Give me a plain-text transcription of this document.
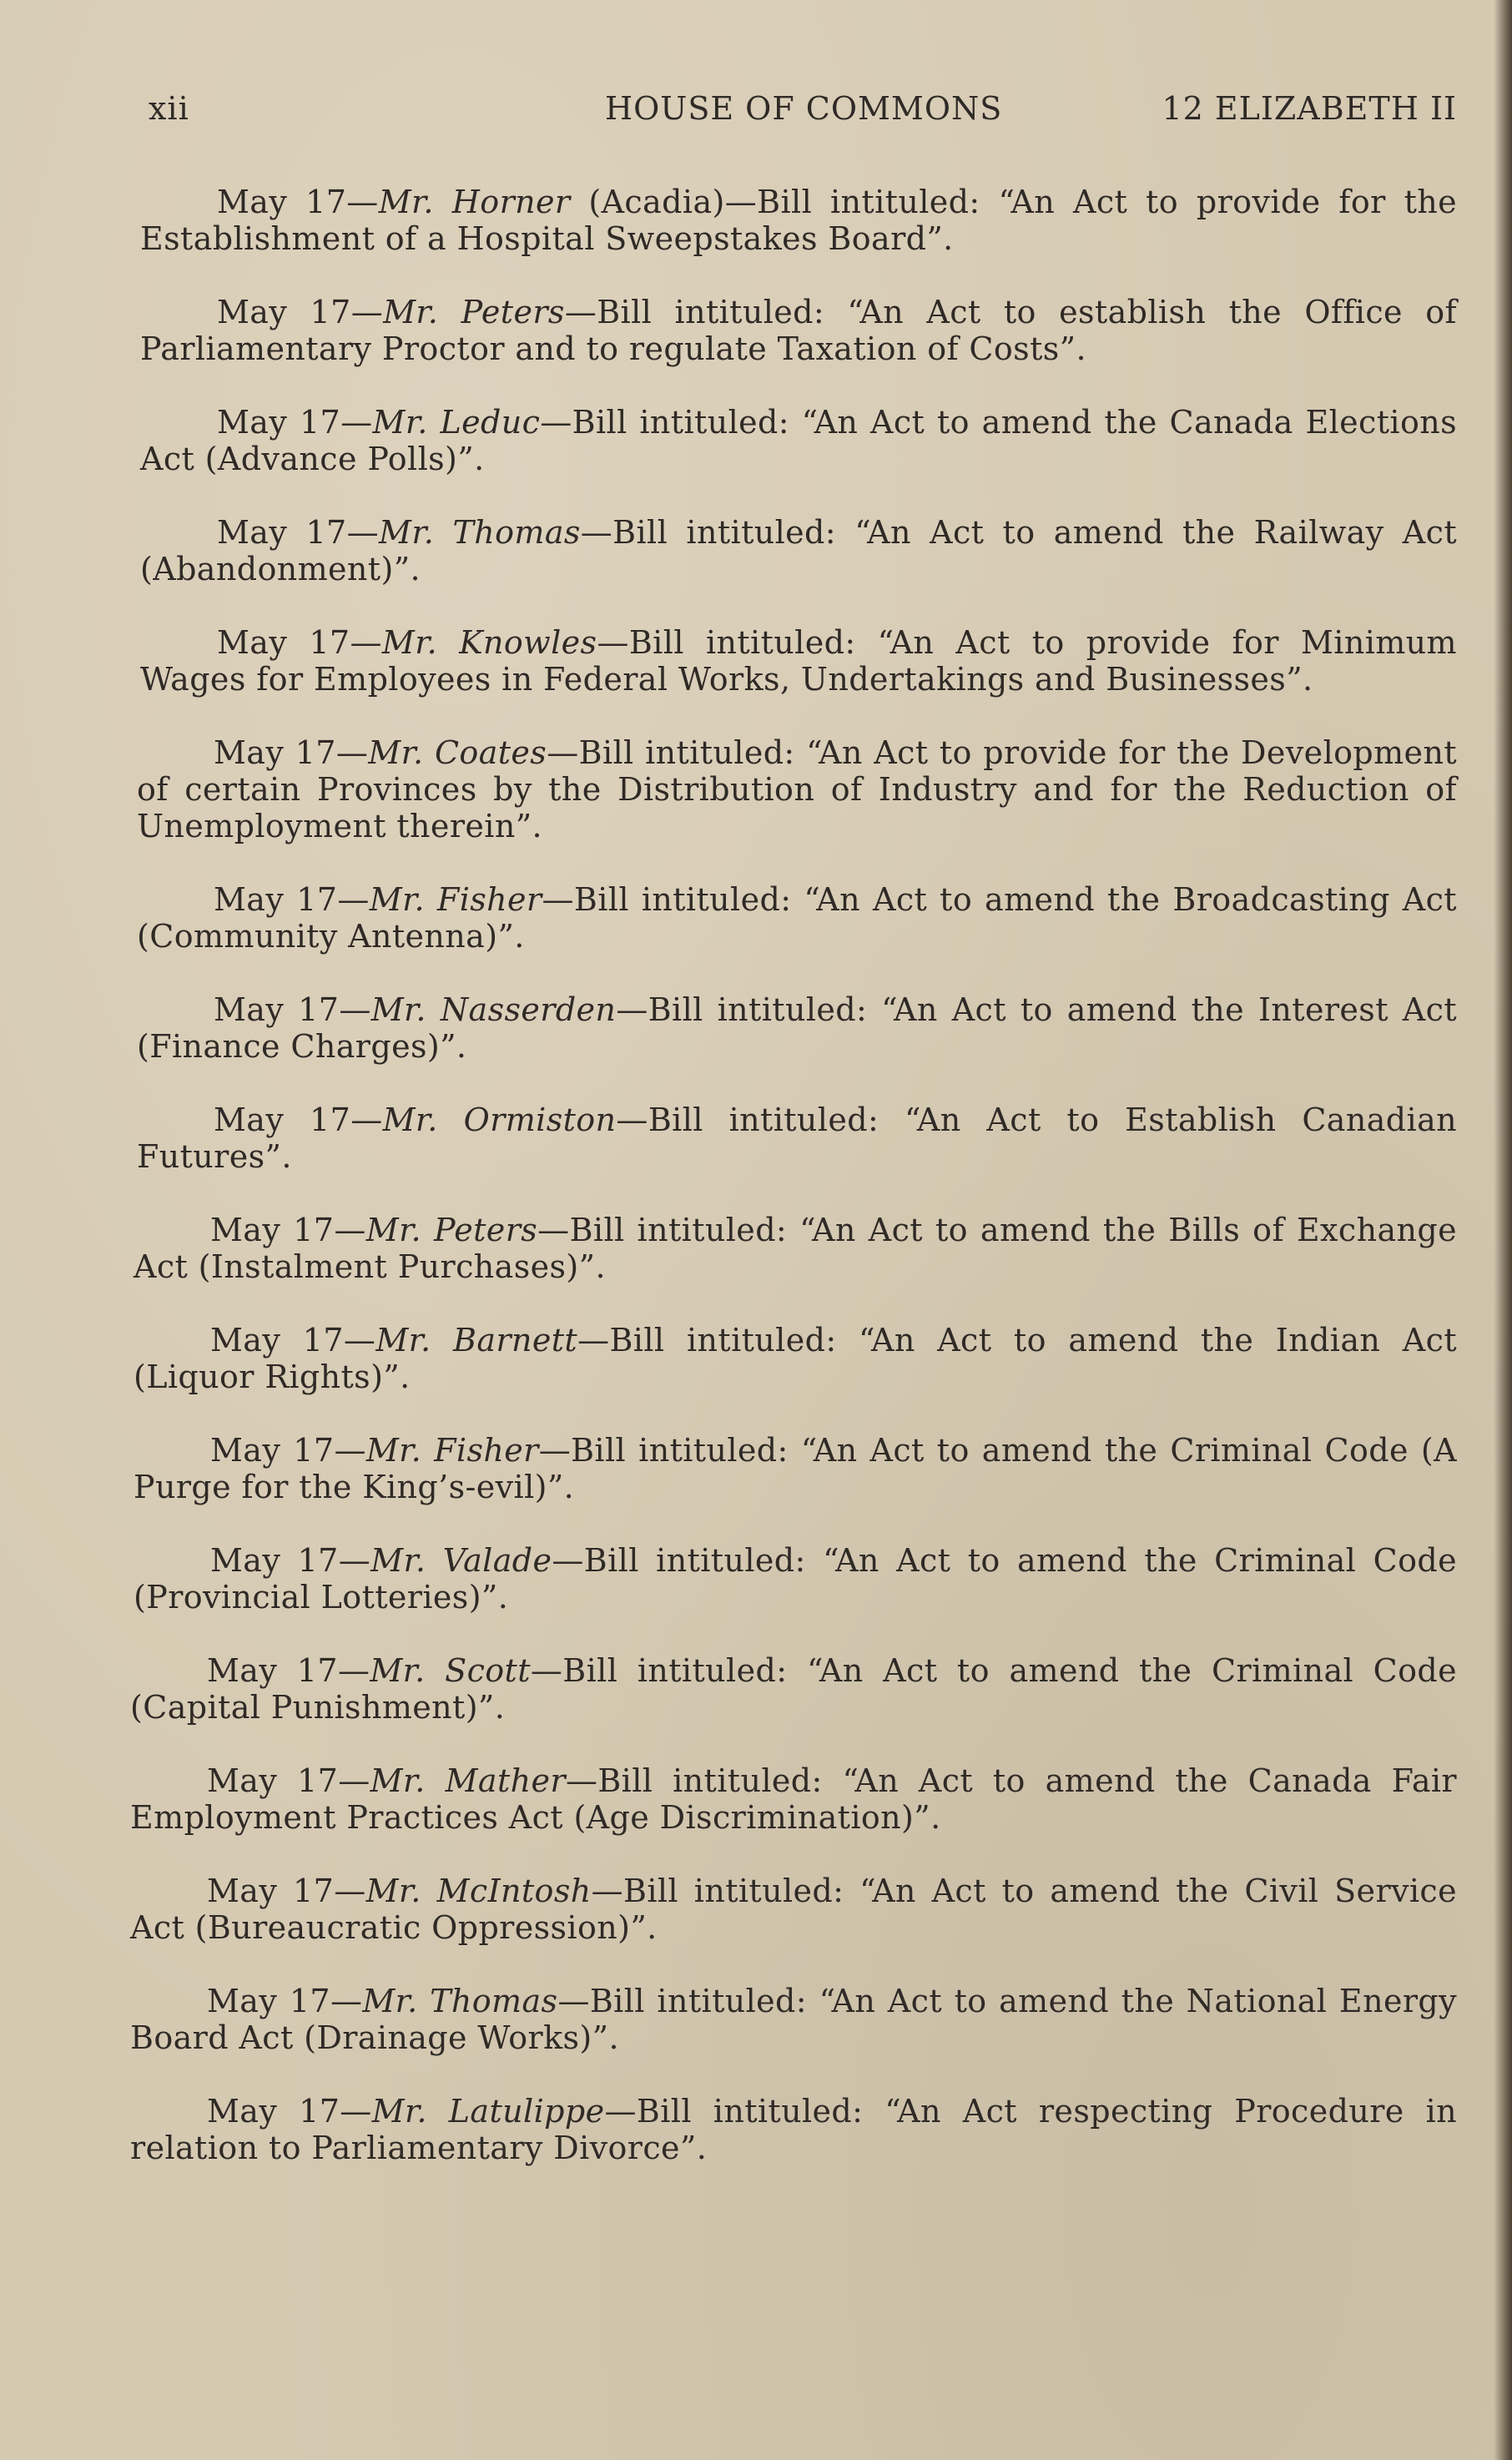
xii	HOUSE OF COMMONS	12 ELIZABETH II

May 17—Mr. Horner (Acadia)—Bill intituled: “An Act to provide for the Establishment of a Hospital Sweepstakes Board”.

May 17—Mr. Peters—Bill intituled: “An Act to establish the Office of Parliamentary Proctor and to regulate Taxation of Costs”.

May 17—Mr. Leduc—Bill intituled: “An Act to amend the Canada Elections Act (Advance Polls)”.

May 17—Mr. Thomas—Bill intituled: “An Act to amend the Railway Act (Abandonment)”.

May 17—Mr. Knowles—Bill intituled: “An Act to provide for Minimum Wages for Employees in Federal Works, Undertakings and Businesses”.

May 17—Mr. Coates—Bill intituled: “An Act to provide for the Development of certain Provinces by the Distribution of Industry and for the Reduction of Unemployment therein”.

May 17—Mr. Fisher—Bill intituled: “An Act to amend the Broadcasting Act (Community Antenna)”.

May 17—Mr. Nasserden—Bill intituled: “An Act to amend the Interest Act (Finance Charges)”.

May 17—Mr. Ormiston—Bill intituled: “An Act to Establish Canadian Futures”.

May 17—Mr. Peters—Bill intituled: “An Act to amend the Bills of Exchange Act (Instalment Purchases)”.

May 17—Mr. Barnett—Bill intituled: “An Act to amend the Indian Act (Liquor Rights)”.

May 17—Mr. Fisher—Bill intituled: “An Act to amend the Criminal Code (A Purge for the King’s-evil)”.

May 17—Mr. Valade—Bill intituled: “An Act to amend the Criminal Code (Provincial Lotteries)”.

May 17—Mr. Scott—Bill intituled: “An Act to amend the Criminal Code (Capital Punishment)”.

May 17—Mr. Mather—Bill intituled: “An Act to amend the Canada Fair Employment Practices Act (Age Discrimination)”.

May 17—Mr. McIntosh—Bill intituled: “An Act to amend the Civil Service Act (Bureaucratic Oppression)”.

May 17—Mr. Thomas—Bill intituled: “An Act to amend the National Energy Board Act (Drainage Works)”.

May 17—Mr. Latulippe—Bill intituled: “An Act respecting Procedure in relation to Parliamentary Divorce”.
